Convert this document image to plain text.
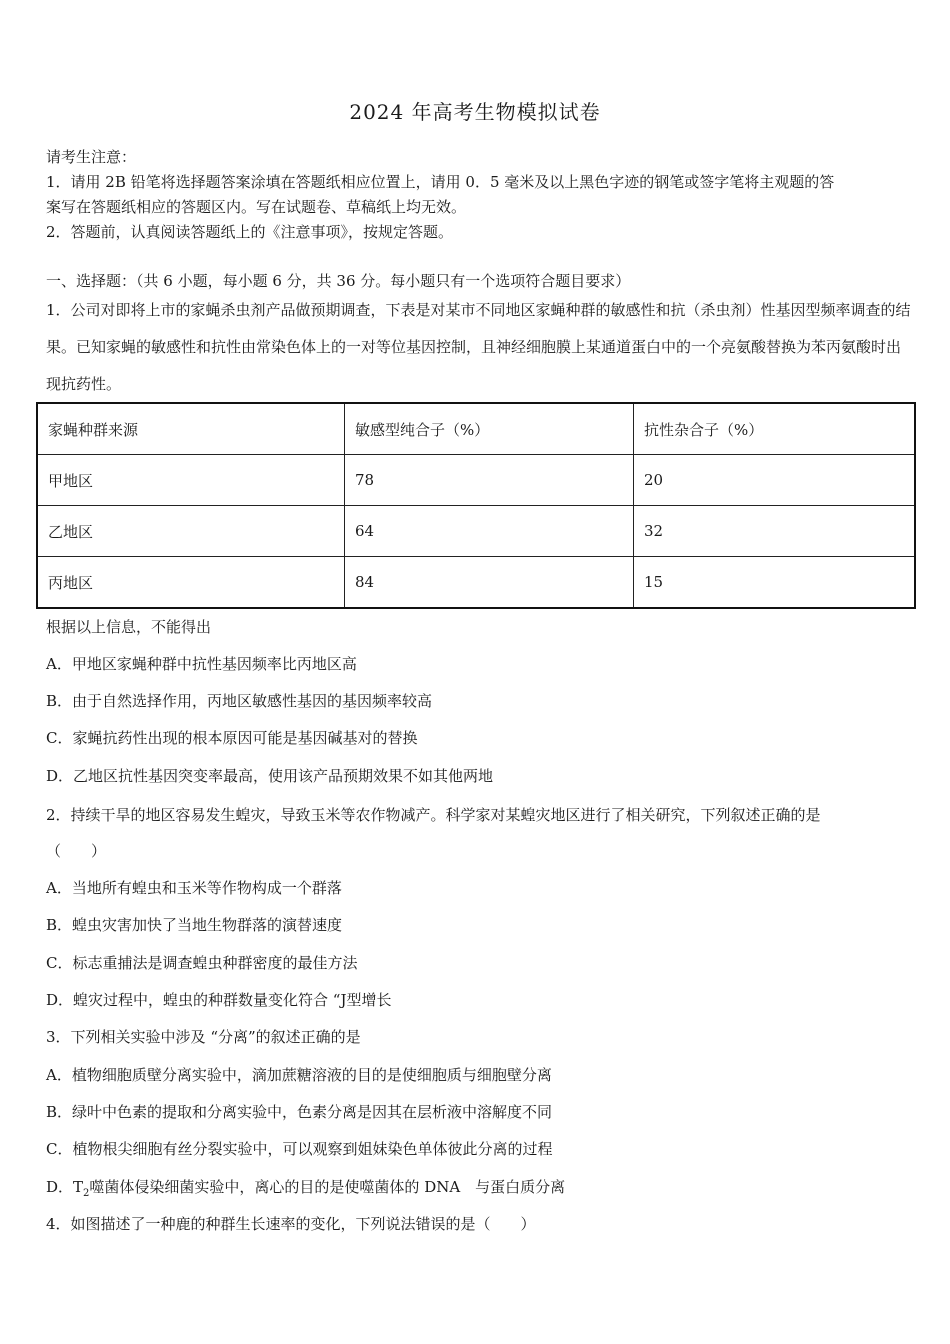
2024 年高考生物模拟试卷
请考生注意：
1．请用 2B 铅笔将选择题答案涂填在答题纸相应位置上，请用 0．5 毫米及以上黑色字迹的钢笔或签字笔将主观题的答
案写在答题纸相应的答题区内。写在试题卷、草稿纸上均无效。
2．答题前，认真阅读答题纸上的《注意事项》，按规定答题。
一、选择题：（共 6 小题，每小题 6 分，共 36 分。每小题只有一个选项符合题目要求）
1．公司对即将上市的家蝇杀虫剂产品做预期调查，下表是对某市不同地区家蝇种群的敏感性和抗（杀虫剂）性基因型频率调查的结果。已知家蝇的敏感性和抗性由常染色体上的一对等位基因控制，且神经细胞膜上某通道蛋白中的一个亮氨酸替换为苯丙氨酸时出现抗药性。
家蝇种群来源	敏感型纯合子（%）	抗性杂合子（%）
甲地区	78	20
乙地区	64	32
丙地区	84	15
根据以上信息，不能得出
A．甲地区家蝇种群中抗性基因频率比丙地区高
B．由于自然选择作用，丙地区敏感性基因的基因频率较高
C．家蝇抗药性出现的根本原因可能是基因碱基对的替换
D．乙地区抗性基因突变率最高，使用该产品预期效果不如其他两地
2．持续干旱的地区容易发生蝗灾，导致玉米等农作物减产。科学家对某蝗灾地区进行了相关研究，下列叙述正确的是
（　　）
A．当地所有蝗虫和玉米等作物构成一个群落
B．蝗虫灾害加快了当地生物群落的演替速度
C．标志重捕法是调查蝗虫种群密度的最佳方法
D．蝗灾过程中，蝗虫的种群数量变化符合 “J型增长
3．下列相关实验中涉及 “分离”的叙述正确的是
A．植物细胞质壁分离实验中，滴加蔗糖溶液的目的是使细胞质与细胞壁分离
B．绿叶中色素的提取和分离实验中，色素分离是因其在层析液中溶解度不同
C．植物根尖细胞有丝分裂实验中，可以观察到姐妹染色单体彼此分离的过程
D．$T_2$噬菌体侵染细菌实验中，离心的目的是使噬菌体的 DNA　与蛋白质分离
4．如图描述了一种鹿的种群生长速率的变化，下列说法错误的是（　　）
